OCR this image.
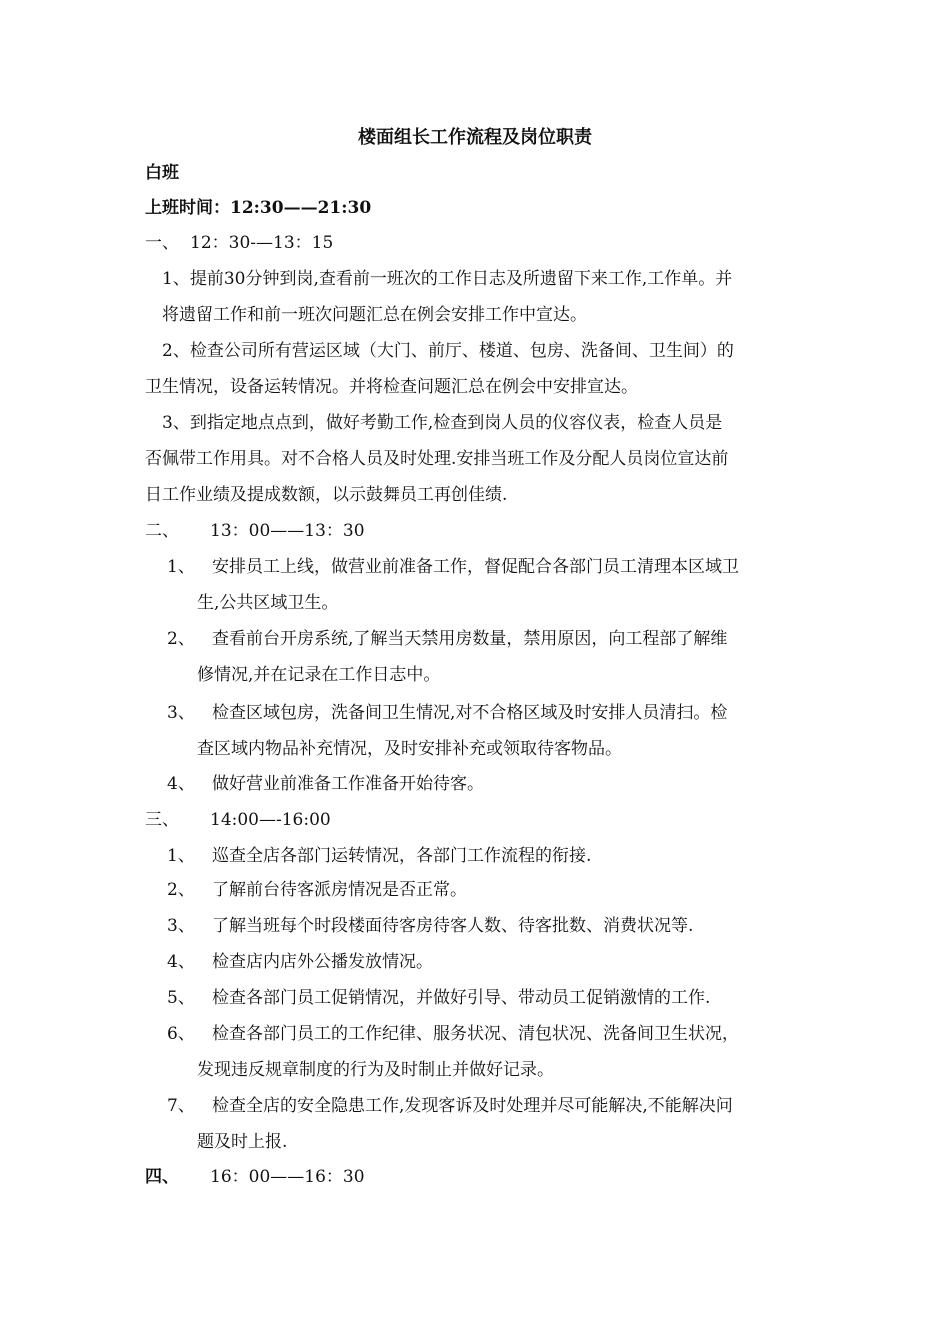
楼面组长工作流程及岗位职责
白班
上班时间：12:30——21:30
一、 12：30-—13：15
1、提前30分钟到岗,查看前一班次的工作日志及所遗留下来工作,工作单。并
将遗留工作和前一班次问题汇总在例会安排工作中宣达。
2、检查公司所有营运区域（大门、前厅、楼道、包房、洗备间、卫生间）的
卫生情况，设备运转情况。并将检查问题汇总在例会中安排宣达。
3、到指定地点点到，做好考勤工作,检查到岗人员的仪容仪表，检查人员是
否佩带工作用具。对不合格人员及时处理.安排当班工作及分配人员岗位宣达前
日工作业绩及提成数额，以示鼓舞员工再创佳绩.
二、 13：00——13：30
1、 安排员工上线，做营业前准备工作，督促配合各部门员工清理本区域卫
生,公共区域卫生。
2、 查看前台开房系统,了解当天禁用房数量，禁用原因，向工程部了解维
修情况,并在记录在工作日志中。
3、 检查区域包房，洗备间卫生情况,对不合格区域及时安排人员清扫。检
查区域内物品补充情况，及时安排补充或领取待客物品。
4、 做好营业前准备工作准备开始待客。
三、 14:00—-16:00
1、 巡查全店各部门运转情况，各部门工作流程的衔接.
2、 了解前台待客派房情况是否正常。
3、 了解当班每个时段楼面待客房待客人数、待客批数、消费状况等.
4、 检查店内店外公播发放情况。
5、 检查各部门员工促销情况，并做好引导、带动员工促销激情的工作.
6、 检查各部门员工的工作纪律、服务状况、清包状况、洗备间卫生状况，
发现违反规章制度的行为及时制止并做好记录。
7、 检查全店的安全隐患工作,发现客诉及时处理并尽可能解决,不能解决问
题及时上报.
四、 16：00——16：30
